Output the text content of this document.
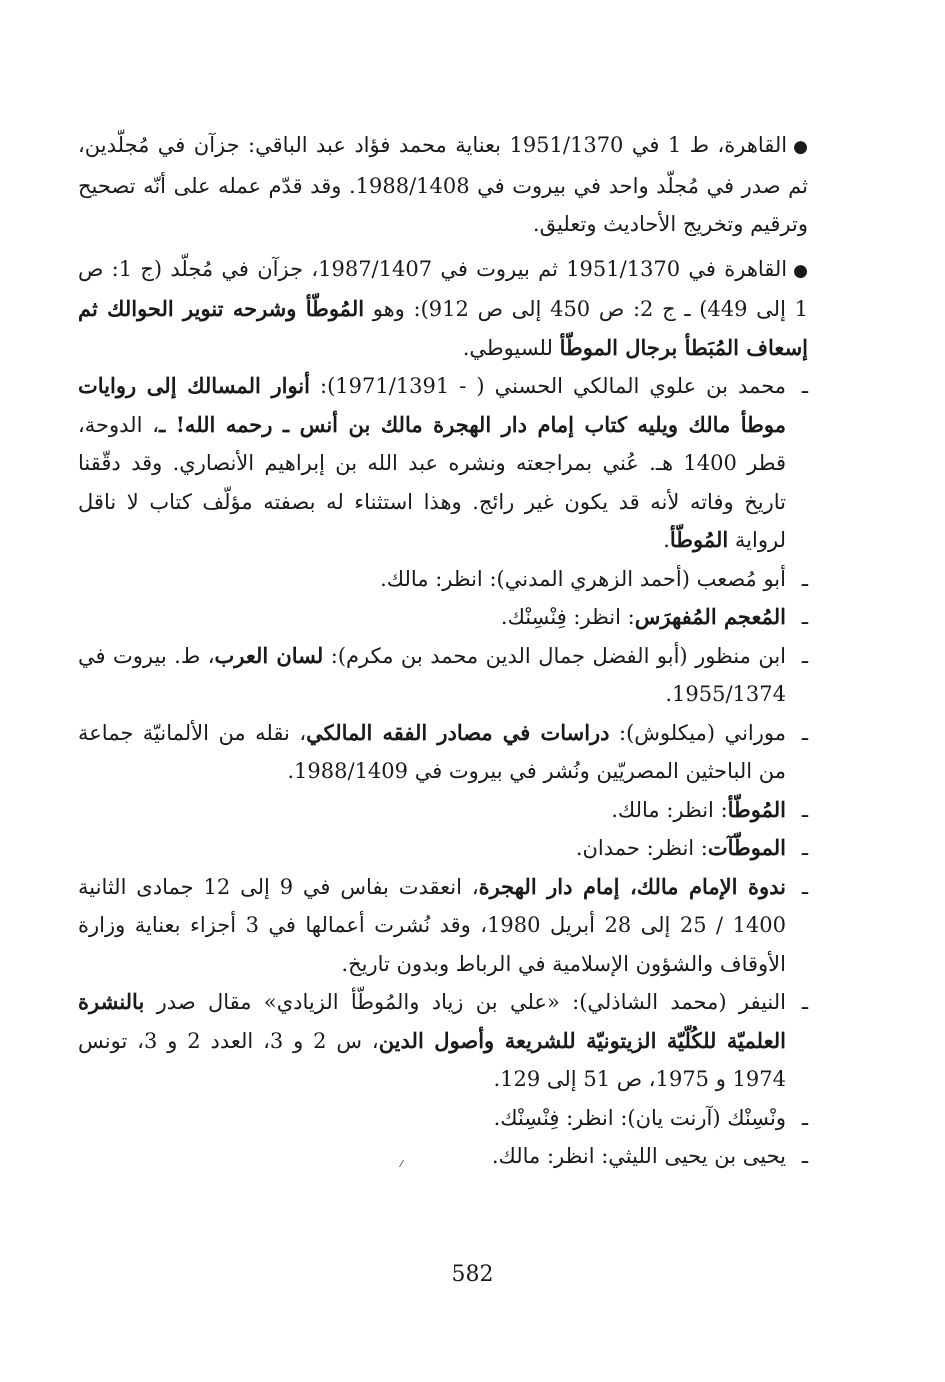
●القاهرة، ط 1 في 1951/1370 بعناية محمد فؤاد عبد الباقي: جزآن في مُجلّدين، ثم صدر في مُجلّد واحد في بيروت في 1988/1408. وقد قدّم عمله على أنّه تصحيح وترقيم وتخريج الأحاديث وتعليق.

●القاهرة في 1951/1370 ثم بيروت في 1987/1407، جزآن في مُجلّد (ج 1: ص 1 إلى 449) ـ ج 2: ص 450 إلى ص 912): وهو المُوطّأ وشرحه تنوير الحوالك ثم إسعاف المُبَطأ برجال الموطّأ للسيوطي.

ـ
محمد بن علوي المالكي الحسني ( - 1971/1391): أنوار المسالك إلى روايات موطأ مالك ويليه كتاب إمام دار الهجرة مالك بن أنس ـ رحمه الله! ـ، الدوحة، قطر 1400 هـ. عُني بمراجعته ونشره عبد الله بن إبراهيم الأنصاري. وقد دقّقنا تاريخ وفاته لأنه قد يكون غير رائج. وهذا استثناء له بصفته مؤلّف كتاب لا ناقل لرواية المُوطّأ.

ـ
أبو مُصعب (أحمد الزهري المدني): انظر: مالك.

ـ
المُعجم المُفهرَس: انظر: فِنْسِنْك.

ـ
ابن منظور (أبو الفضل جمال الدين محمد بن مكرم): لسان العرب، ط. بيروت في 1955/1374.

ـ
موراني (ميكلوش): دراسات في مصادر الفقه المالكي، نقله من الألمانيّة جماعة من الباحثين المصريّين ونُشر في بيروت في 1988/1409.

ـ
المُوطّأ: انظر: مالك.

ـ
الموطّآت: انظر: حمدان.

ـ
ندوة الإمام مالك، إمام دار الهجرة، انعقدت بفاس في 9 إلى 12 جمادى الثانية 1400 / 25 إلى 28 أبريل 1980، وقد نُشرت أعمالها في 3 أجزاء بعناية وزارة الأوقاف والشؤون الإسلامية في الرباط وبدون تاريخ.

ـ
النيفر (محمد الشاذلي): «علي بن زياد والمُوطّأ الزيادي» مقال صدر بالنشرة العلميّة للكُلّيّة الزيتونيّة للشريعة وأصول الدين، س 2 و 3، العدد 2 و 3، تونس 1974 و 1975، ص 51 إلى 129.

ـ
ونْسِنْك (آرنت يان): انظر: فِنْسِنْك.

ـ
يحيى بن يحيى الليثي: انظر: مالك.

582
